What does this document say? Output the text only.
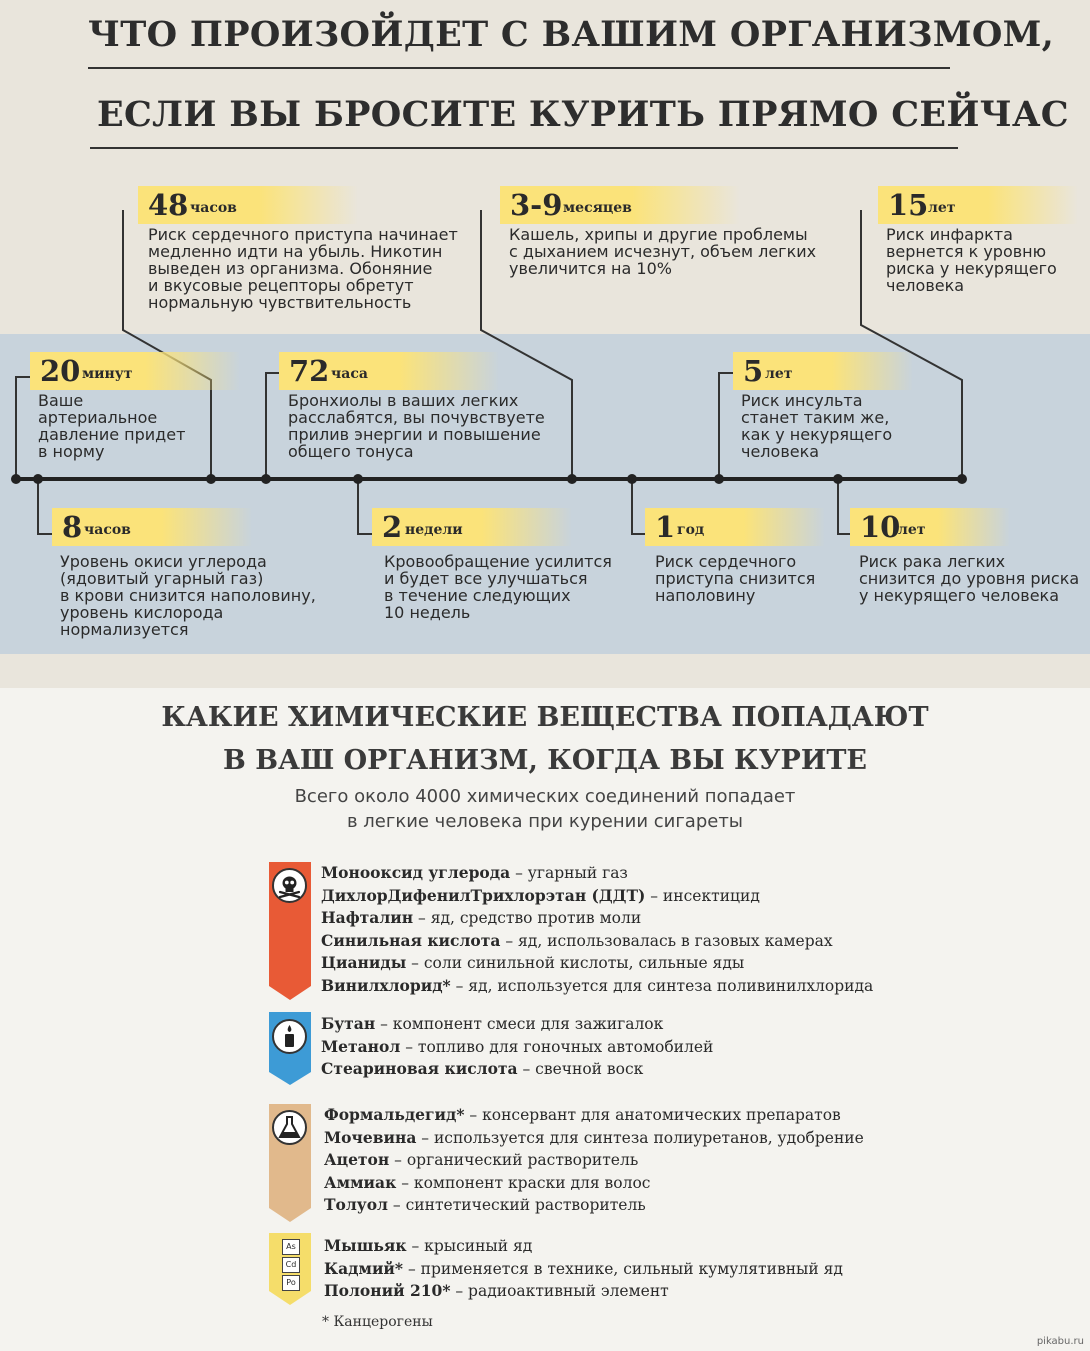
ЧТО ПРОИЗОЙДЕТ С ВАШИМ ОРГАНИЗМОМ,
ЕСЛИ ВЫ БРОСИТЕ КУРИТЬ ПРЯМО СЕЙЧАС
48 часов
Риск сердечного приступа начинает
медленно идти на убыль. Никотин
выведен из организма. Обоняние
и вкусовые рецепторы обретут
нормальную чувствительность
3-9 месяцев
Кашель, хрипы и другие проблемы
с дыханием исчезнут, объем легких
увеличится на 10%
15 лет
Риск инфаркта
вернется к уровню
риска у некурящего
человека
20 минут
Ваше
артериальное
давление придет
в норму
72 часа
Бронхиолы в ваших легких
расслабятся, вы почувствуете
прилив энергии и повышение
общего тонуса
5 лет
Риск инсульта
станет таким же,
как у некурящего
человека
8 часов
Уровень окиси углерода
(ядовитый угарный газ)
в крови снизится наполовину,
уровень кислорода
нормализуется
2 недели
Кровообращение усилится
и будет все улучшаться
в течение следующих
10 недель
1 год
Риск сердечного
приступа снизится
наполовину
10
лет
Риск рака легких
снизится до уровня риска
у некурящего человека
КАКИЕ ХИМИЧЕСКИЕ ВЕЩЕСТВА ПОПАДАЮТ
В ВАШ ОРГАНИЗМ, КОГДА ВЫ КУРИТЕ
Всего около 4000 химических соединений попадает
в легкие человека при курении сигареты
Монооксид углерода – угарный газ
ДихлорДифенилТрихлорэтан (ДДТ) – инсектицид
Нафталин – яд, средство против моли
Синильная кислота – яд, использовалась в газовых камерах
Цианиды – соли синильной кислоты, сильные яды
Винилхлорид* – яд, используется для синтеза поливинилхлорида
Бутан – компонент смеси для зажигалок
Метанол – топливо для гоночных автомобилей
Стеариновая кислота – свечной воск
Формальдегид* – консервант для анатомических препаратов
Мочевина – используется для синтеза полиуретанов, удобрение
Ацетон – органический растворитель
Аммиак – компонент краски для волос
Толуол – синтетический растворитель
As
Cd
Po
Мышьяк – крысиный яд
Кадмий* – применяется в технике, сильный кумулятивный яд
Полоний 210* – радиоактивный элемент
* Канцерогены
pikabu.ru
